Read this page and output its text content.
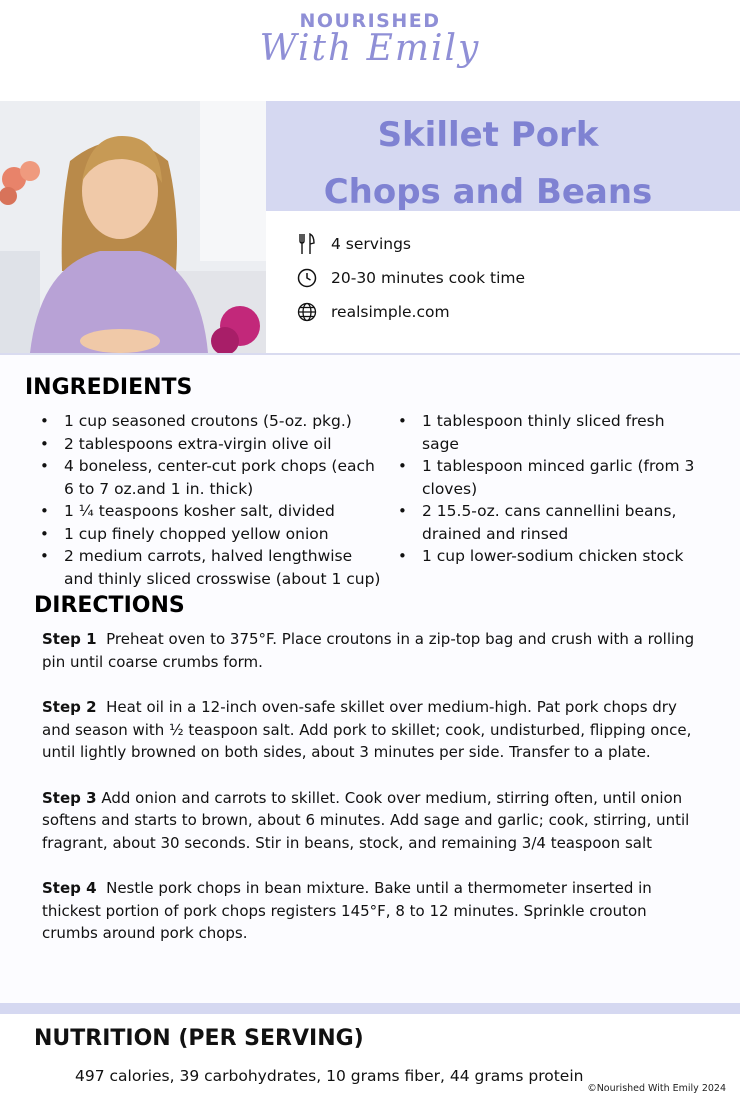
NOURISHED
With Emily
Skillet Pork
Chops and Beans
4 servings
20-30 minutes cook time
realsimple.com
INGREDIENTS
• 1 cup seasoned croutons (5-oz. pkg.)
• 2 tablespoons extra-virgin olive oil
• 4 boneless, center-cut pork chops (each 6 to 7 oz.and 1 in. thick)
• 1 ¼ teaspoons kosher salt, divided
• 1 cup finely chopped yellow onion
• 2 medium carrots, halved lengthwise and thinly sliced crosswise (about 1 cup)
• 1 tablespoon thinly sliced fresh sage
• 1 tablespoon minced garlic (from 3 cloves)
• 2 15.5-oz. cans cannellini beans, drained and rinsed
• 1 cup lower-sodium chicken stock
DIRECTIONS

Step 1 Preheat oven to 375°F. Place croutons in a zip-top bag and crush with a rolling pin until coarse crumbs form.

Step 2 Heat oil in a 12-inch oven-safe skillet over medium-high. Pat pork chops dry and season with ½ teaspoon salt. Add pork to skillet; cook, undisturbed, flipping once, until lightly browned on both sides, about 3 minutes per side. Transfer to a plate.

Step 3 Add onion and carrots to skillet. Cook over medium, stirring often, until onion softens and starts to brown, about 6 minutes. Add sage and garlic; cook, stirring, until fragrant, about 30 seconds. Stir in beans, stock, and remaining 3/4 teaspoon salt

Step 4 Nestle pork chops in bean mixture. Bake until a thermometer inserted in thickest portion of pork chops registers 145°F, 8 to 12 minutes. Sprinkle crouton crumbs around pork chops.

NUTRITION (PER SERVING)
497 calories, 39 carbohydrates, 10 grams fiber, 44 grams protein
©Nourished With Emily 2024
